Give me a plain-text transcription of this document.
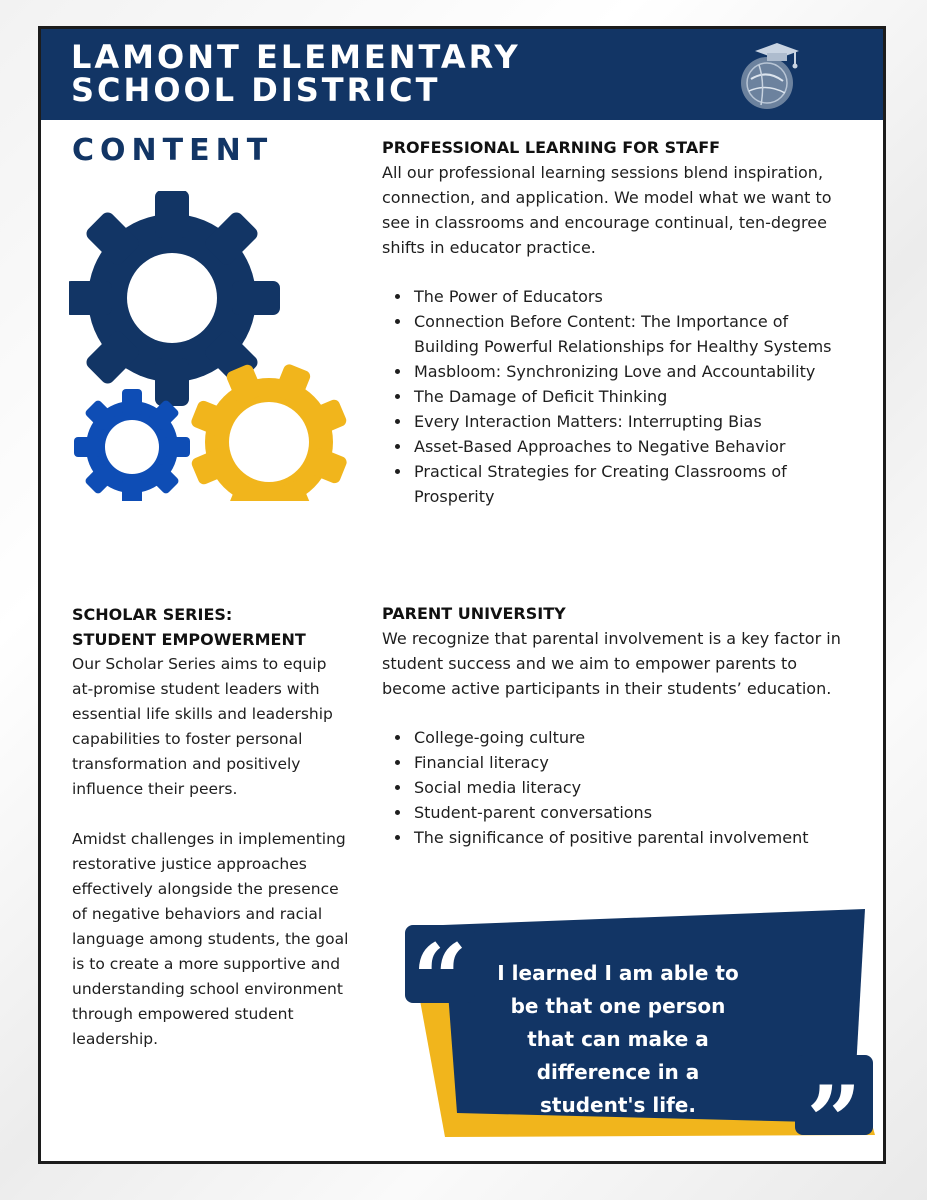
LAMONT ELEMENTARY
SCHOOL DISTRICT
CONTENT	PROFESSIONAL LEARNING FOR STAFF

All our professional learning sessions blend inspiration, connection, and application. We model what we want to see in classrooms and encourage continual, ten-degree shifts in educator practice.

• The Power of Educators
• Connection Before Content: The Importance of Building Powerful Relationships for Healthy Systems
• Masbloom: Synchronizing Love and Accountability
• The Damage of Deficit Thinking
• Every Interaction Matters: Interrupting Bias
• Asset-Based Approaches to Negative Behavior
• Practical Strategies for Creating Classrooms of Prosperity
SCHOLAR SERIES:
STUDENT EMPOWERMENT

Our Scholar Series aims to equip at-promise student leaders with essential life skills and leadership capabilities to foster personal transformation and positively influence their peers.

Amidst challenges in implementing restorative justice approaches effectively alongside the presence of negative behaviors and racial language among students, the goal is to create a more supportive and understanding school environment through empowered student leadership.

PARENT UNIVERSITY

We recognize that parental involvement is a key factor in student success and we aim to empower parents to become active participants in their students’ education.

• College-going culture
• Financial literacy
• Social media literacy
• Student-parent conversations
• The significance of positive parental involvement
“
”

I learned I am able to be that one person that can make a difference in a student's life.
